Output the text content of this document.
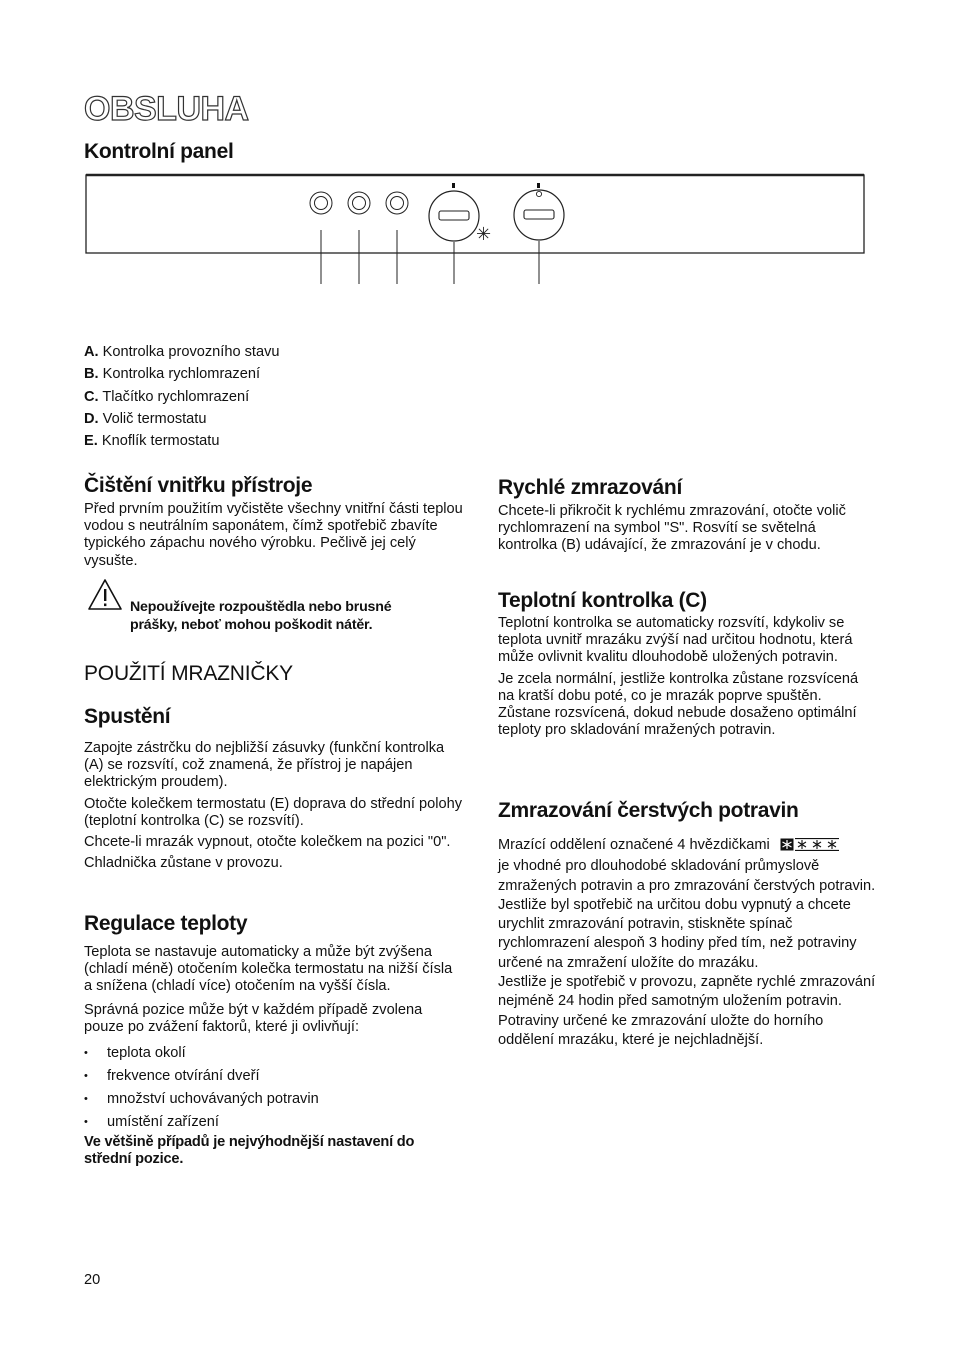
OBSLUHA
Kontrolní panel
✳
A. Kontrolka provozního stavu
B. Kontrolka rychlomrazení
C. Tlačítko rychlomrazení
D. Volič termostatu
E. Knoflík termostatu
Čištění vnitřku přístroje
Před prvním použitím vyčistěte všechny vnitřní části teplou vodou s neutrálním saponátem, čímž spotřebič zbavíte typického zápachu nového výrobku. Pečlivě jej celý vysušte.
Nepoužívejte rozpouštědla nebo brusné
prášky, neboť mohou poškodit nátěr.
POUŽITÍ MRAZNIČKY
Spustění

Zapojte zástrčku do nejbližší zásuvky (funkční kontrolka (A) se rozsvítí, což znamená, že přístroj je napájen elektrickým proudem).

Otočte kolečkem termostatu (E) doprava do střední polohy (teplotní kontrolka (C) se rozsvítí).

Chcete-li mrazák vypnout, otočte kolečkem na pozici "0".

Chladnička zůstane v provozu.

Regulace teploty

Teplota se nastavuje automaticky a může být zvýšena (chladí méně) otočením kolečka termostatu na nižší čísla a snížena (chladí více) otočením na vyšší čísla.

Správná pozice může být v každém případě zvolena pouze po zvážení faktorů, které ji ovlivňují:

• teplota okolí
• frekvence otvírání dveří
• množství uchovávaných potravin
• umístění zařízení

Ve většině případů je nejvýhodnější nastavení do střední pozice.

Rychlé zmrazování
Chcete-li přikročit k rychlému zmrazování, otočte volič rychlomrazení na symbol "S". Rosvítí se světelná kontrolka (B) udávající, že zmrazování je v chodu.
Teplotní kontrolka (C)

Teplotní kontrolka se automaticky rozsvítí, kdykoliv se teplota uvnitř mrazáku zvýší nad určitou hodnotu, která může ovlivnit kvalitu dlouhodobě uložených potravin.

Je zcela normální, jestliže kontrolka zůstane rozsvícená na kratší dobu poté, co je mrazák poprve spuštěn. Zůstane rozsvícená, dokud nebude dosaženo optimální teploty pro skladování mražených potravin.

Zmrazování čerstvých potravin
Mrazící oddělení označené 4 hvězdičkami
je vhodné pro dlouhodobé skladování průmyslově zmražených potravin a pro zmrazování čerstvých potravin.
Jestliže byl spotřebič na určitou dobu vypnutý a chcete urychlit zmrazování potravin, stiskněte spínač rychlomrazení alespoň 3 hodiny před tím, než potraviny určené na zmražení uložíte do mrazáku.
Jestliže je spotřebič v provozu, zapněte rychlé zmrazování nejméně 24 hodin před samotným uložením potravin.
Potraviny určené ke zmrazování uložte do horního oddělení mrazáku, které je nejchladnější.
20
